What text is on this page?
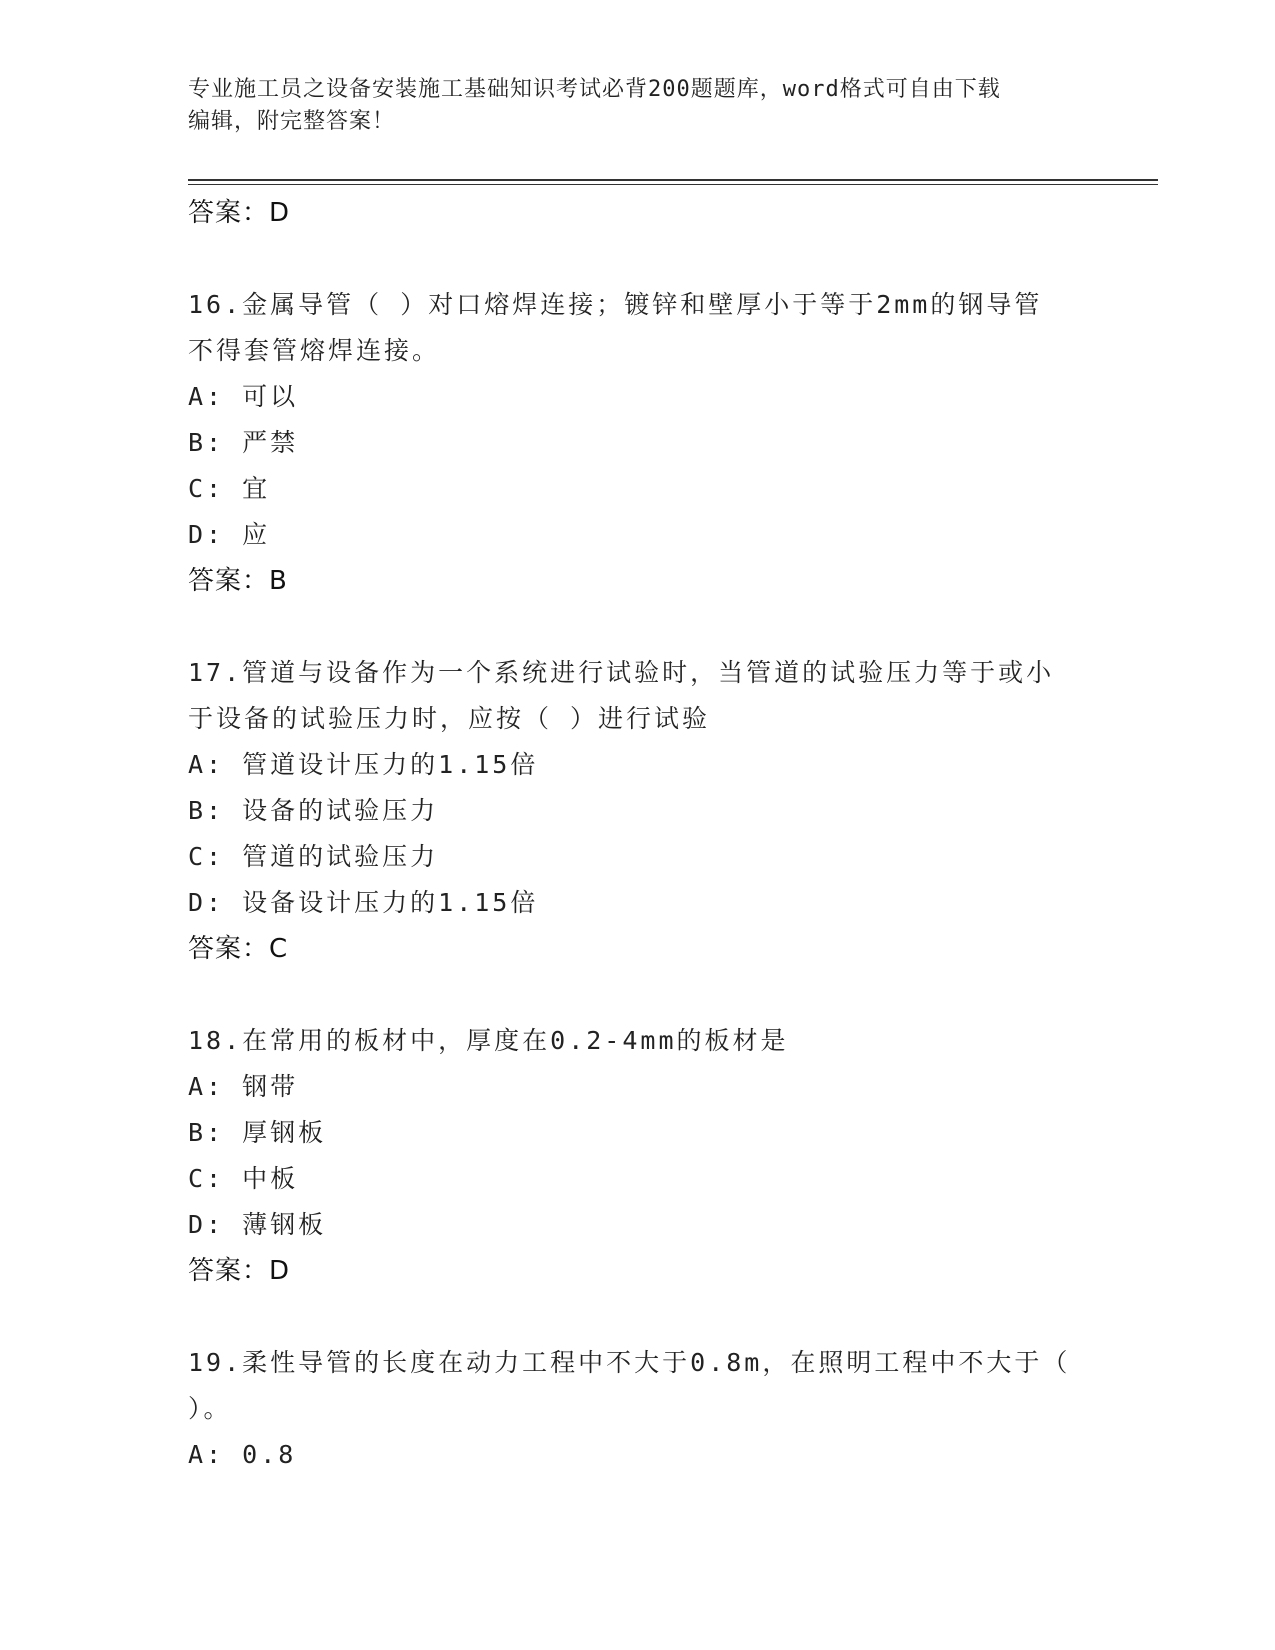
专业施工员之设备安装施工基础知识考试必背200题题库，word格式可自由下载
编辑，附完整答案！
答案：D
16.金属导管（ ）对口熔焊连接；镀锌和壁厚小于等于2mm的钢导管
不得套管熔焊连接。
A: 可以
B: 严禁
C: 宜
D: 应
答案：B
17.管道与设备作为一个系统进行试验时，当管道的试验压力等于或小
于设备的试验压力时，应按（ ）进行试验
A: 管道设计压力的1.15倍
B: 设备的试验压力
C: 管道的试验压力
D: 设备设计压力的1.15倍
答案：C
18.在常用的板材中，厚度在0.2-4mm的板材是
A: 钢带
B: 厚钢板
C: 中板
D: 薄钢板
答案：D
19.柔性导管的长度在动力工程中不大于0.8m，在照明工程中不大于（
）。
A: 0.8
